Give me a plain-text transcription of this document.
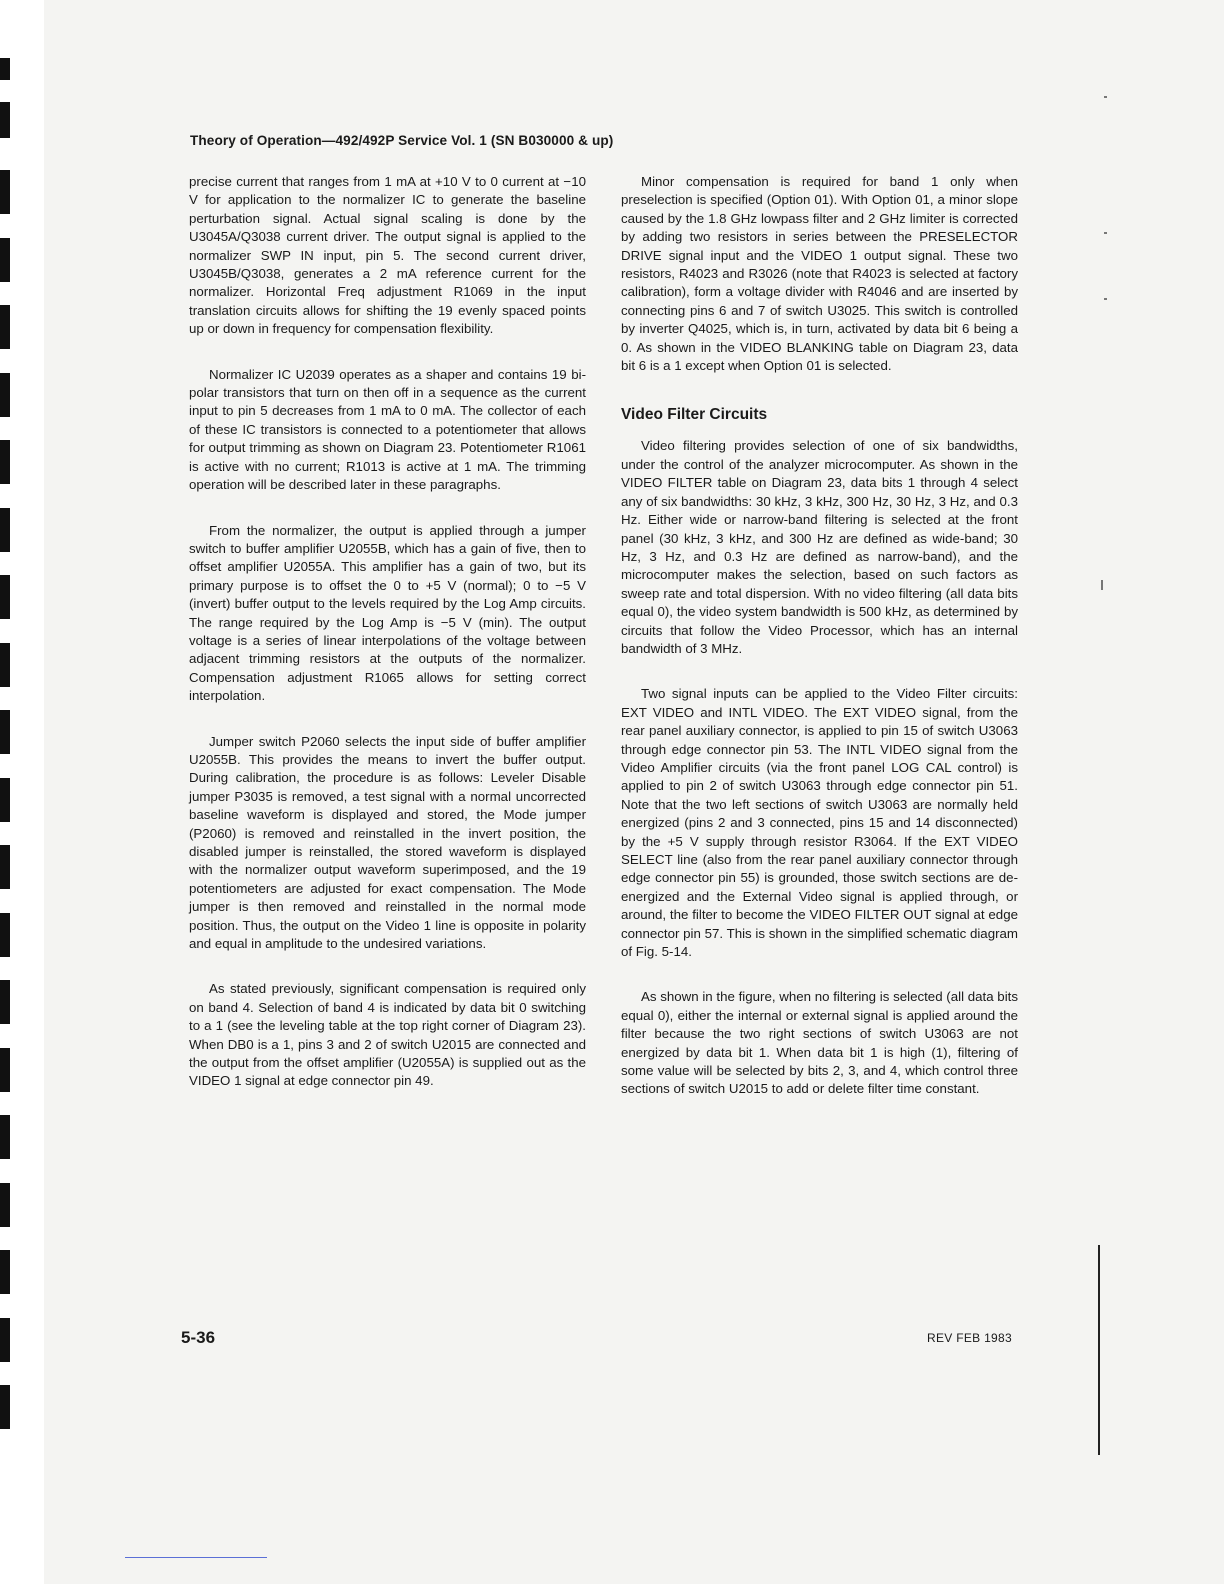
Theory of Operation—492/492P Service Vol. 1 (SN B030000 & up)

precise current that ranges from 1 mA at +10 V to 0 current at −10 V for application to the normalizer IC to generate the baseline perturbation signal. Actual signal scaling is done by the U3045A/Q3038 current driver. The output signal is applied to the normalizer SWP IN input, pin 5. The second current driver, U3045B/Q3038, generates a 2 mA reference current for the normalizer. Horizontal Freq adjustment R1069 in the input translation circuits allows for shifting the 19 evenly spaced points up or down in frequency for compensation flexibility.

Normalizer IC U2039 operates as a shaper and contains 19 bi-polar transistors that turn on then off in a sequence as the current input to pin 5 decreases from 1 mA to 0 mA. The collector of each of these IC transistors is connected to a potentiometer that allows for output trimming as shown on Diagram 23. Potentiometer R1061 is active with no current; R1013 is active at 1 mA. The trimming operation will be described later in these paragraphs.

From the normalizer, the output is applied through a jumper switch to buffer amplifier U2055B, which has a gain of five, then to offset amplifier U2055A. This amplifier has a gain of two, but its primary purpose is to offset the 0 to +5 V (normal); 0 to −5 V (invert) buffer output to the levels required by the Log Amp circuits. The range required by the Log Amp is −5 V (min). The output voltage is a series of linear interpolations of the voltage between adjacent trimming resistors at the outputs of the normalizer. Compensation adjustment R1065 allows for setting correct interpolation.

Jumper switch P2060 selects the input side of buffer amplifier U2055B. This provides the means to invert the buffer output. During calibration, the procedure is as follows: Leveler Disable jumper P3035 is removed, a test signal with a normal uncorrected baseline waveform is displayed and stored, the Mode jumper (P2060) is removed and reinstalled in the invert position, the disabled jumper is reinstalled, the stored waveform is displayed with the normalizer output waveform superimposed, and the 19 potentiometers are adjusted for exact compensation. The Mode jumper is then removed and reinstalled in the normal mode position. Thus, the output on the Video 1 line is opposite in polarity and equal in amplitude to the undesired variations.

As stated previously, significant compensation is required only on band 4. Selection of band 4 is indicated by data bit 0 switching to a 1 (see the leveling table at the top right corner of Diagram 23). When DB0 is a 1, pins 3 and 2 of switch U2015 are connected and the output from the offset amplifier (U2055A) is supplied out as the VIDEO 1 signal at edge connector pin 49.

Minor compensation is required for band 1 only when preselection is specified (Option 01). With Option 01, a minor slope caused by the 1.8 GHz lowpass filter and 2 GHz limiter is corrected by adding two resistors in series between the PRESELECTOR DRIVE signal input and the VIDEO 1 output signal. These two resistors, R4023 and R3026 (note that R4023 is selected at factory calibration), form a voltage divider with R4046 and are inserted by connecting pins 6 and 7 of switch U3025. This switch is controlled by inverter Q4025, which is, in turn, activated by data bit 6 being a 0. As shown in the VIDEO BLANKING table on Diagram 23, data bit 6 is a 1 except when Option 01 is selected.

Video Filter Circuits

Video filtering provides selection of one of six bandwidths, under the control of the analyzer microcomputer. As shown in the VIDEO FILTER table on Diagram 23, data bits 1 through 4 select any of six bandwidths: 30 kHz, 3 kHz, 300 Hz, 30 Hz, 3 Hz, and 0.3 Hz. Either wide or narrow-band filtering is selected at the front panel (30 kHz, 3 kHz, and 300 Hz are defined as wide-band; 30 Hz, 3 Hz, and 0.3 Hz are defined as narrow-band), and the microcomputer makes the selection, based on such factors as sweep rate and total dispersion. With no video filtering (all data bits equal 0), the video system bandwidth is 500 kHz, as determined by circuits that follow the Video Processor, which has an internal bandwidth of 3 MHz.

Two signal inputs can be applied to the Video Filter circuits: EXT VIDEO and INTL VIDEO. The EXT VIDEO signal, from the rear panel auxiliary connector, is applied to pin 15 of switch U3063 through edge connector pin 53. The INTL VIDEO signal from the Video Amplifier circuits (via the front panel LOG CAL control) is applied to pin 2 of switch U3063 through edge connector pin 51. Note that the two left sections of switch U3063 are normally held energized (pins 2 and 3 connected, pins 15 and 14 disconnected) by the +5 V supply through resistor R3064. If the EXT VIDEO SELECT line (also from the rear panel auxiliary connector through edge connector pin 55) is grounded, those switch sections are de-energized and the External Video signal is applied through, or around, the filter to become the VIDEO FILTER OUT signal at edge connector pin 57. This is shown in the simplified schematic diagram of Fig. 5-14.

As shown in the figure, when no filtering is selected (all data bits equal 0), either the internal or external signal is applied around the filter because the two right sections of switch U3063 are not energized by data bit 1. When data bit 1 is high (1), filtering of some value will be selected by bits 2, 3, and 4, which control three sections of switch U2015 to add or delete filter time constant.

5-36	REV FEB 1983
